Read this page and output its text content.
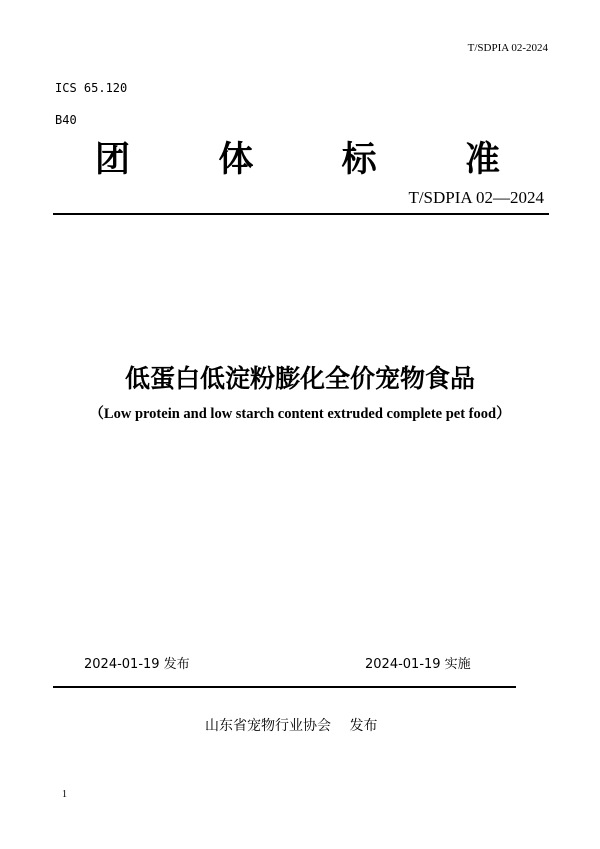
T/SDPIA 02-2024
ICS 65.120
B40
团	体	标	准
T/SDPIA 02—2024
低蛋白低淀粉膨化全价宠物食品
（Low protein and low starch content extruded complete pet food）
2024-01-19 发布	2024-01-19 实施
山东省宠物行业协会　 发布
1
